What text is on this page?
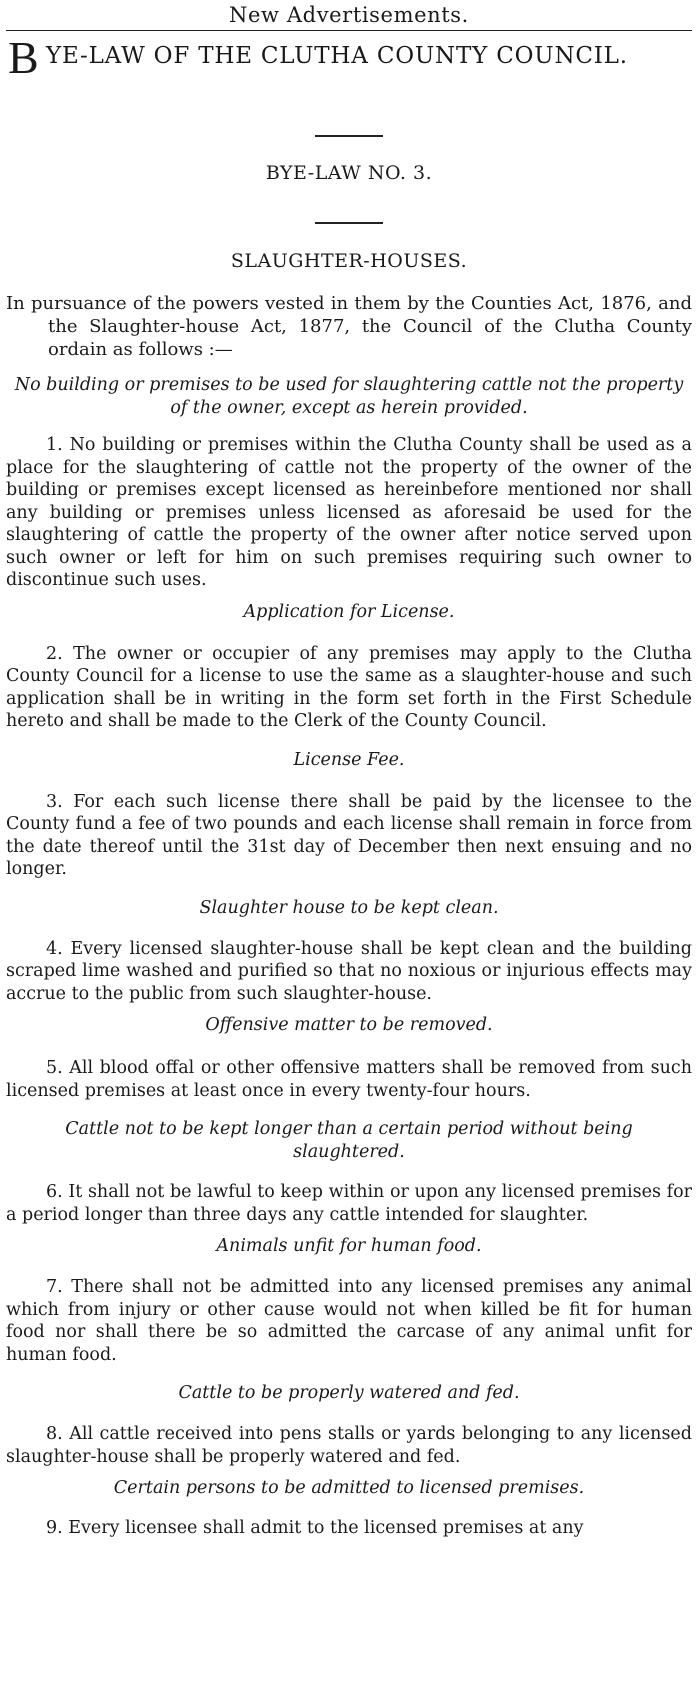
New Advertisements.
B YE-LAW OF THE CLUTHA COUNTY COUNCIL.
BYE-LAW NO. 3.
SLAUGHTER-HOUSES.

In pursuance of the powers vested in them by the Counties Act, 1876, and the Slaughter-house Act, 1877, the Council of the Clutha County ordain as follows :—

No building or premises to be used for slaughtering cattle not the property of the owner, except as herein provided.

1. No building or premises within the Clutha County shall be used as a place for the slaughtering of cattle not the property of the owner of the building or premises except licensed as hereinbefore mentioned nor shall any building or premises unless licensed as aforesaid be used for the slaughtering of cattle the property of the owner after notice served upon such owner or left for him on such premises requiring such owner to discontinue such uses.

Application for License.

2. The owner or occupier of any premises may apply to the Clutha County Council for a license to use the same as a slaughter-house and such application shall be in writing in the form set forth in the First Schedule hereto and shall be made to the Clerk of the County Council.

License Fee.

3. For each such license there shall be paid by the licensee to the County fund a fee of two pounds and each license shall remain in force from the date thereof until the 31st day of December then next ensuing and no longer.

Slaughter house to be kept clean.

4. Every licensed slaughter-house shall be kept clean and the building scraped lime washed and purified so that no noxious or injurious effects may accrue to the public from such slaughter-house.

Offensive matter to be removed.

5. All blood offal or other offensive matters shall be removed from such licensed premises at least once in every twenty-four hours.

Cattle not to be kept longer than a certain period without being slaughtered.

6. It shall not be lawful to keep within or upon any licensed premises for a period longer than three days any cattle intended for slaughter.

Animals unfit for human food.

7. There shall not be admitted into any licensed premises any animal which from injury or other cause would not when killed be fit for human food nor shall there be so admitted the carcase of any animal unfit for human food.

Cattle to be properly watered and fed.

8. All cattle received into pens stalls or yards belonging to any licensed slaughter-house shall be properly watered and fed.

Certain persons to be admitted to licensed premises.

9. Every licensee shall admit to the licensed premises at any
